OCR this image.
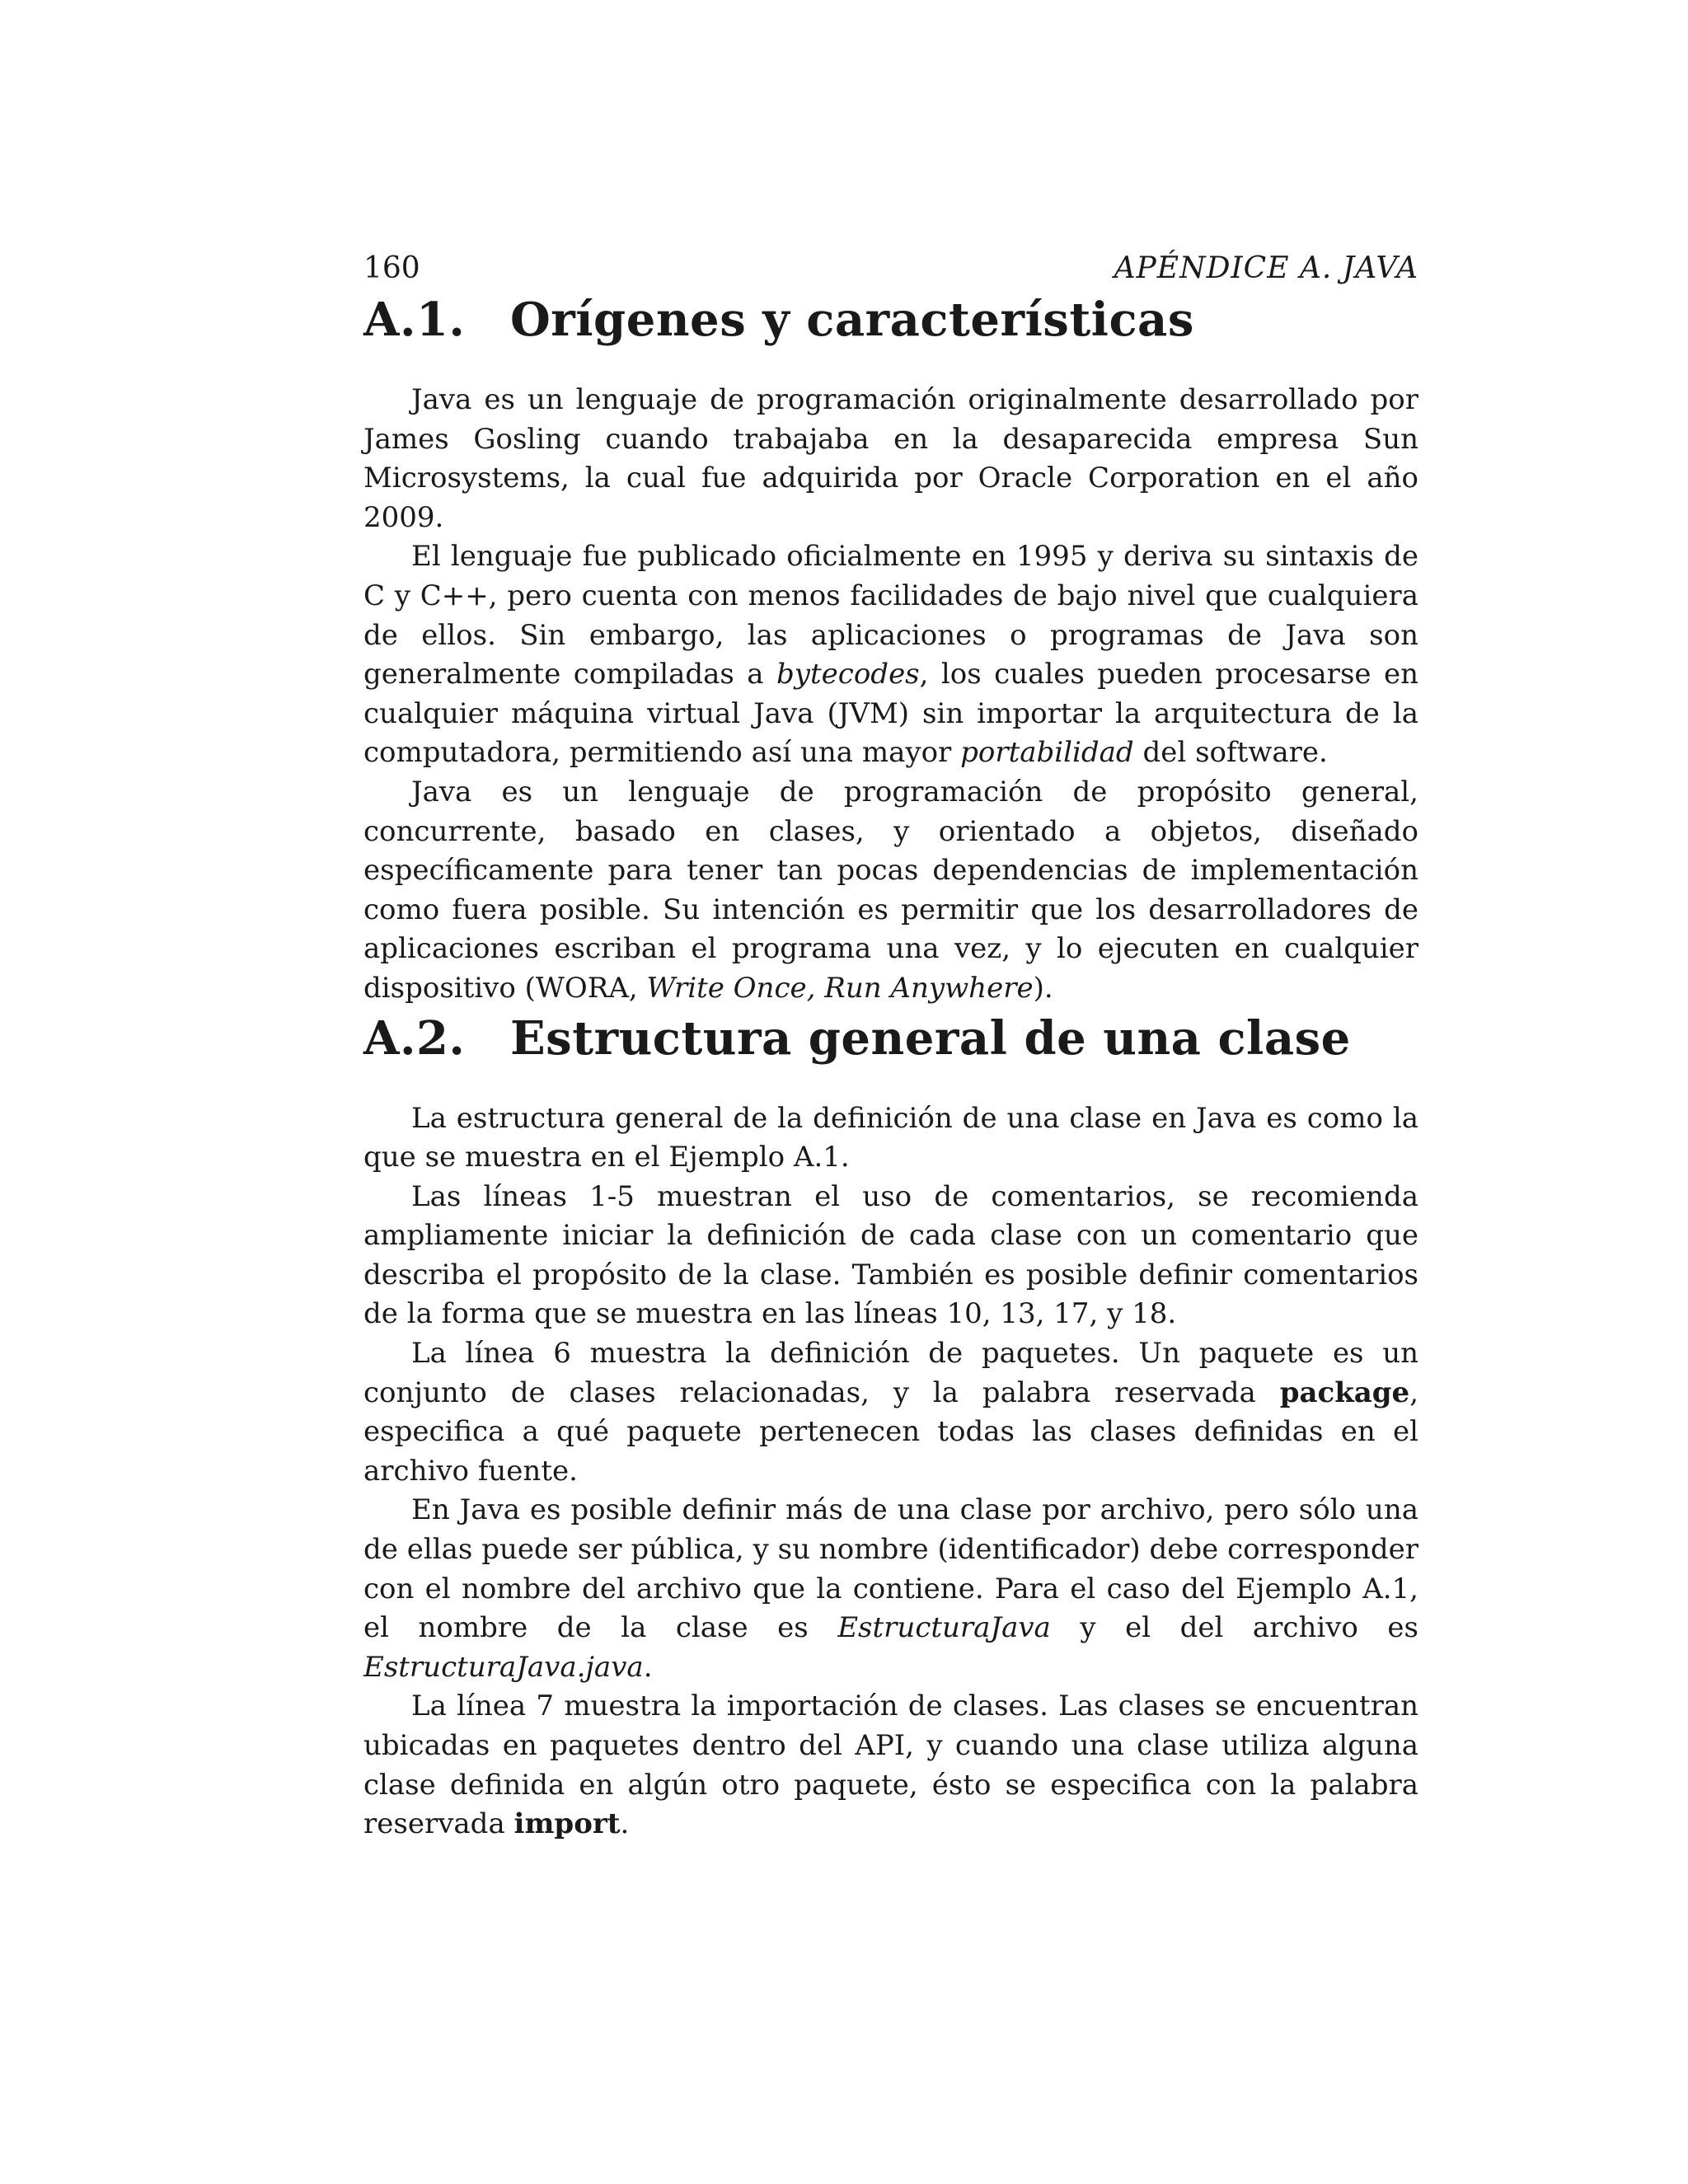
160	APÉNDICE A. JAVA
A.1. Orígenes y características

Java es un lenguaje de programación originalmente desarrollado por James Gosling cuando trabajaba en la desaparecida empresa Sun Microsystems, la cual fue adquirida por Oracle Corporation en el año 2009.

El lenguaje fue publicado oficialmente en 1995 y deriva su sintaxis de C y C++, pero cuenta con menos facilidades de bajo nivel que cualquiera de ellos. Sin embargo, las aplicaciones o programas de Java son generalmente compiladas a bytecodes, los cuales pueden procesarse en cualquier máquina virtual Java (JVM) sin importar la arquitectura de la computadora, permitiendo así una mayor portabilidad del software.

Java es un lenguaje de programación de propósito general, concurrente, basado en clases, y orientado a objetos, diseñado específicamente para tener tan pocas dependencias de implementación como fuera posible. Su intención es permitir que los desarrolladores de aplicaciones escriban el programa una vez, y lo ejecuten en cualquier dispositivo (WORA, Write Once, Run Anywhere).

A.2. Estructura general de una clase

La estructura general de la definición de una clase en Java es como la que se muestra en el Ejemplo A.1.

Las líneas 1-5 muestran el uso de comentarios, se recomienda ampliamente iniciar la definición de cada clase con un comentario que describa el propósito de la clase. También es posible definir comentarios de la forma que se muestra en las líneas 10, 13, 17, y 18.

La línea 6 muestra la definición de paquetes. Un paquete es un conjunto de clases relacionadas, y la palabra reservada package, especifica a qué paquete pertenecen todas las clases definidas en el archivo fuente.

En Java es posible definir más de una clase por archivo, pero sólo una de ellas puede ser pública, y su nombre (identificador) debe corresponder con el nombre del archivo que la contiene. Para el caso del Ejemplo A.1, el nombre de la clase es EstructuraJava y el del archivo es EstructuraJava.java.

La línea 7 muestra la importación de clases. Las clases se encuentran ubicadas en paquetes dentro del API, y cuando una clase utiliza alguna clase definida en algún otro paquete, ésto se especifica con la palabra reservada import.
